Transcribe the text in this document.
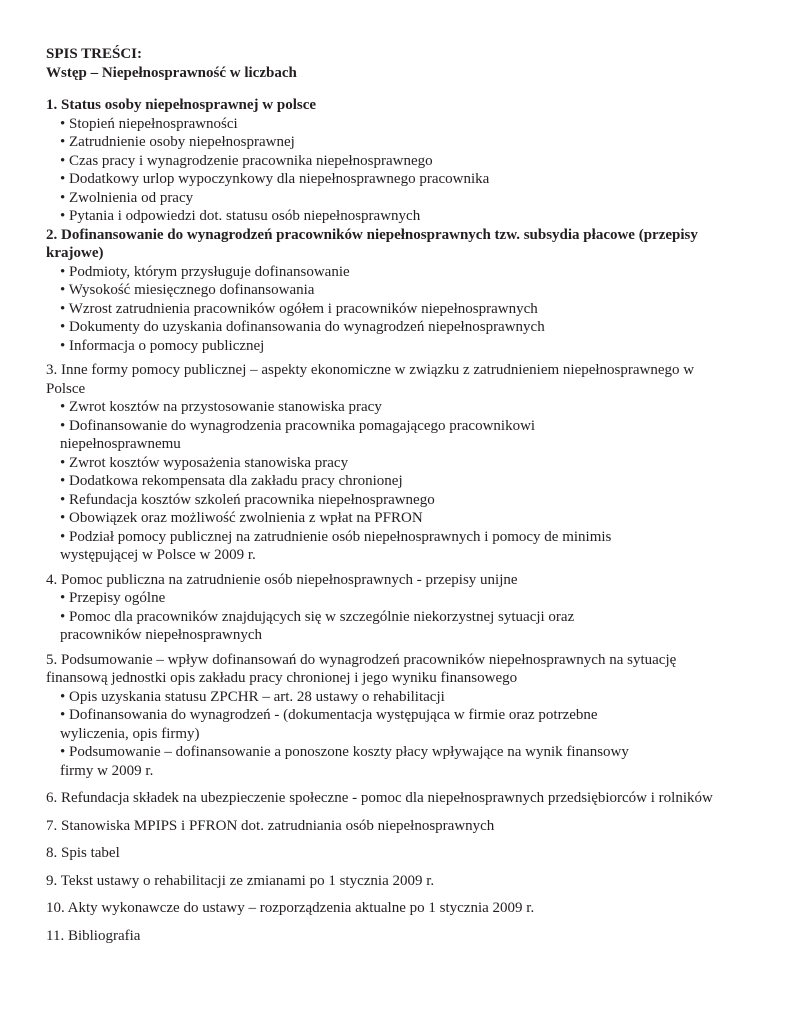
SPIS TREŚCI:
Wstęp – Niepełnosprawność w liczbach
1. Status osoby niepełnosprawnej w polsce
• Stopień niepełnosprawności
• Zatrudnienie osoby niepełnosprawnej
• Czas pracy i wynagrodzenie pracownika niepełnosprawnego
• Dodatkowy urlop wypoczynkowy dla niepełnosprawnego pracownika
• Zwolnienia od pracy
• Pytania i odpowiedzi dot. statusu osób niepełnosprawnych
2. Dofinansowanie do wynagrodzeń pracowników niepełnosprawnych tzw. subsydia płacowe (przepisy
krajowe)
• Podmioty, którym przysługuje dofinansowanie
• Wysokość miesięcznego dofinansowania
• Wzrost zatrudnienia pracowników ogółem i pracowników niepełnosprawnych
• Dokumenty do uzyskania dofinansowania do wynagrodzeń niepełnosprawnych
• Informacja o pomocy publicznej
3. Inne formy pomocy publicznej – aspekty ekonomiczne w związku z zatrudnieniem niepełnosprawnego w
Polsce
• Zwrot kosztów na przystosowanie stanowiska pracy
• Dofinansowanie do wynagrodzenia pracownika pomagającego pracownikowi
niepełnosprawnemu
• Zwrot kosztów wyposażenia stanowiska pracy
• Dodatkowa rekompensata dla zakładu pracy chronionej
• Refundacja kosztów szkoleń pracownika niepełnosprawnego
• Obowiązek oraz możliwość zwolnienia z wpłat na PFRON
• Podział pomocy publicznej na zatrudnienie osób niepełnosprawnych i pomocy de minimis
występującej w Polsce w 2009 r.
4. Pomoc publiczna na zatrudnienie osób niepełnosprawnych - przepisy unijne
• Przepisy ogólne
• Pomoc dla pracowników znajdujących się w szczególnie niekorzystnej sytuacji oraz
pracowników niepełnosprawnych
5. Podsumowanie – wpływ dofinansowań do wynagrodzeń pracowników niepełnosprawnych na sytuację
finansową jednostki opis zakładu pracy chronionej i jego wyniku finansowego
• Opis uzyskania statusu ZPCHR – art. 28 ustawy o rehabilitacji
• Dofinansowania do wynagrodzeń - (dokumentacja występująca w firmie oraz potrzebne
wyliczenia, opis firmy)
• Podsumowanie – dofinansowanie a ponoszone koszty płacy wpływające na wynik finansowy
firmy w 2009 r.
6. Refundacja składek na ubezpieczenie społeczne - pomoc dla niepełnosprawnych przedsiębiorców i rolników
7. Stanowiska MPIPS i PFRON dot. zatrudniania osób niepełnosprawnych
8. Spis tabel
9. Tekst ustawy o rehabilitacji ze zmianami po 1 stycznia 2009 r.
10. Akty wykonawcze do ustawy – rozporządzenia aktualne po 1 stycznia 2009 r.
11. Bibliografia
